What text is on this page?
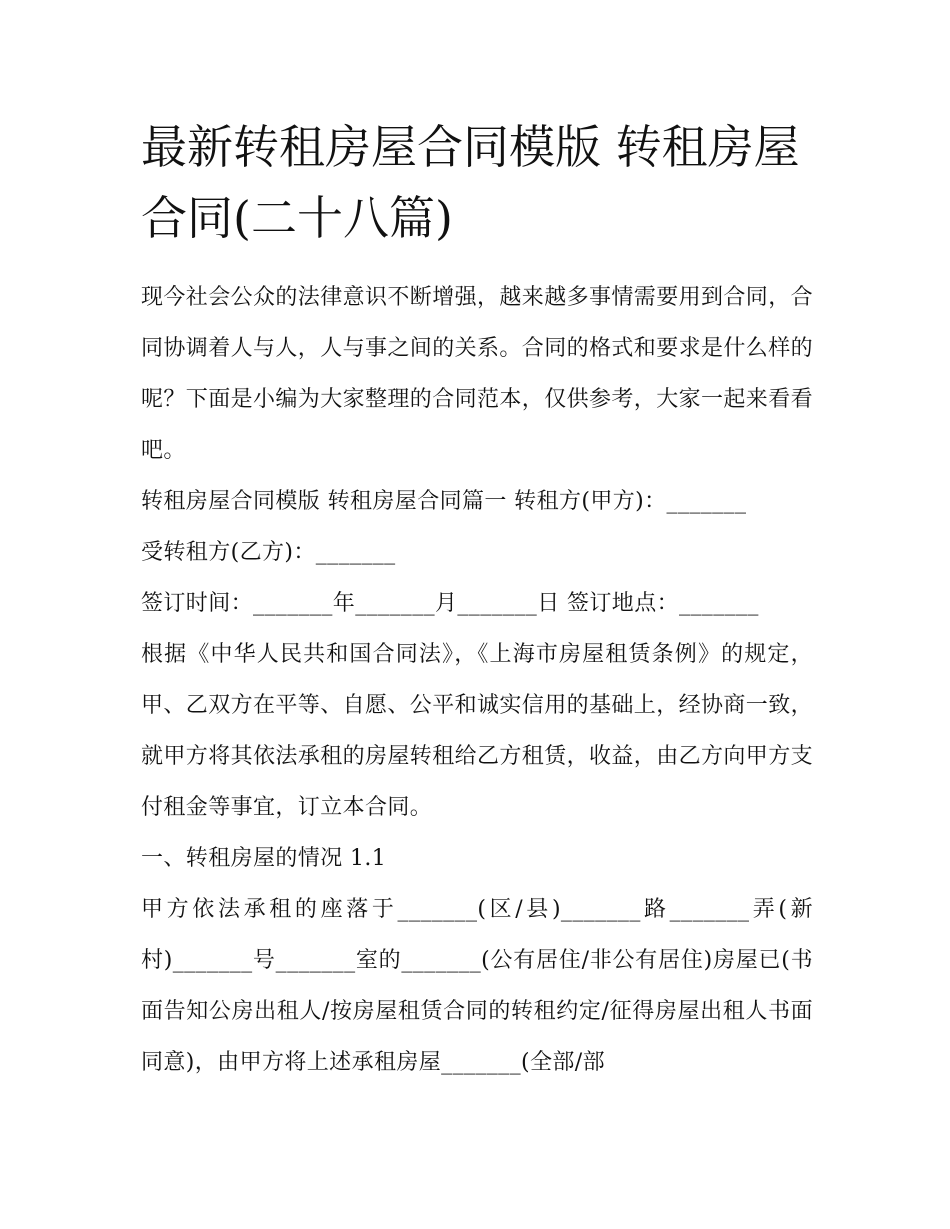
最新转租房屋合同模版 转租房屋合同(二十八篇)

现今社会公众的法律意识不断增强，越来越多事情需要用到合同，合同协调着人与人，人与事之间的关系。合同的格式和要求是什么样的呢？下面是小编为大家整理的合同范本，仅供参考，大家一起来看看吧。

转租房屋合同模版 转租房屋合同篇一 转租方(甲方)：_______

受转租方(乙方)：_______

签订时间：_______年_______月_______日 签订地点：_______

根据《中华人民共和国合同法》，《上海市房屋租赁条例》的规定，甲、乙双方在平等、自愿、公平和诚实信用的基础上，经协商一致，就甲方将其依法承租的房屋转租给乙方租赁，收益，由乙方向甲方支付租金等事宜，订立本合同。

一、转租房屋的情况 1.1

甲方依法承租的座落于_______(区/县)_______路_______弄(新村)_______号_______室的_______(公有居住/非公有居住)房屋已(书面告知公房出租人/按房屋租赁合同的转租约定/征得房屋出租人书面同意)，由甲方将上述承租房屋_______(全部/部
